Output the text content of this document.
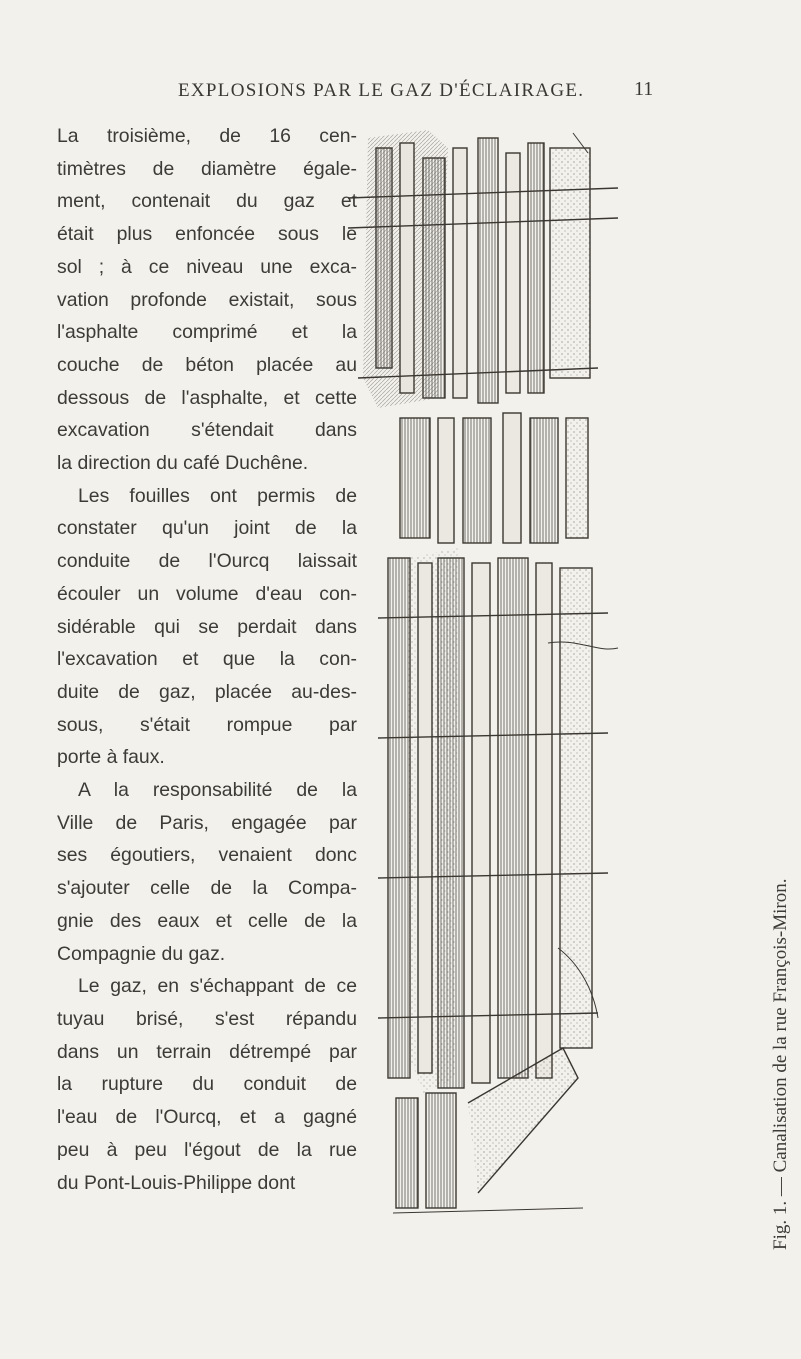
EXPLOSIONS PAR LE GAZ D'ÉCLAIRAGE. 11

La troisième, de 16 cen-
timètres de diamètre égale-
ment, contenait du gaz et
était plus enfoncée sous le
sol ; à ce niveau une exca-
vation profonde existait, sous
l'asphalte comprimé et la
couche de béton placée au
dessous de l'asphalte, et cette
excavation s'étendait dans

la direction du café Duchêne.

Les fouilles ont permis de
constater qu'un joint de la
conduite de l'Ourcq laissait
écouler un volume d'eau con-
sidérable qui se perdait dans
l'excavation et que la con-
duite de gaz, placée au-des-
sous, s'était rompue par

porte à faux.

A la responsabilité de la
Ville de Paris, engagée par
ses égoutiers, venaient donc
s'ajouter celle de la Compa-
gnie des eaux et celle de la

Compagnie du gaz.

Le gaz, en s'échappant de ce
tuyau brisé, s'est répandu
dans un terrain détrempé par
la rupture du conduit de
l'eau de l'Ourcq, et a gagné
peu à peu l'égout de la rue

du Pont-Louis-Philippe dont	Fig. 1. — Canalisation de la rue François-Miron.
